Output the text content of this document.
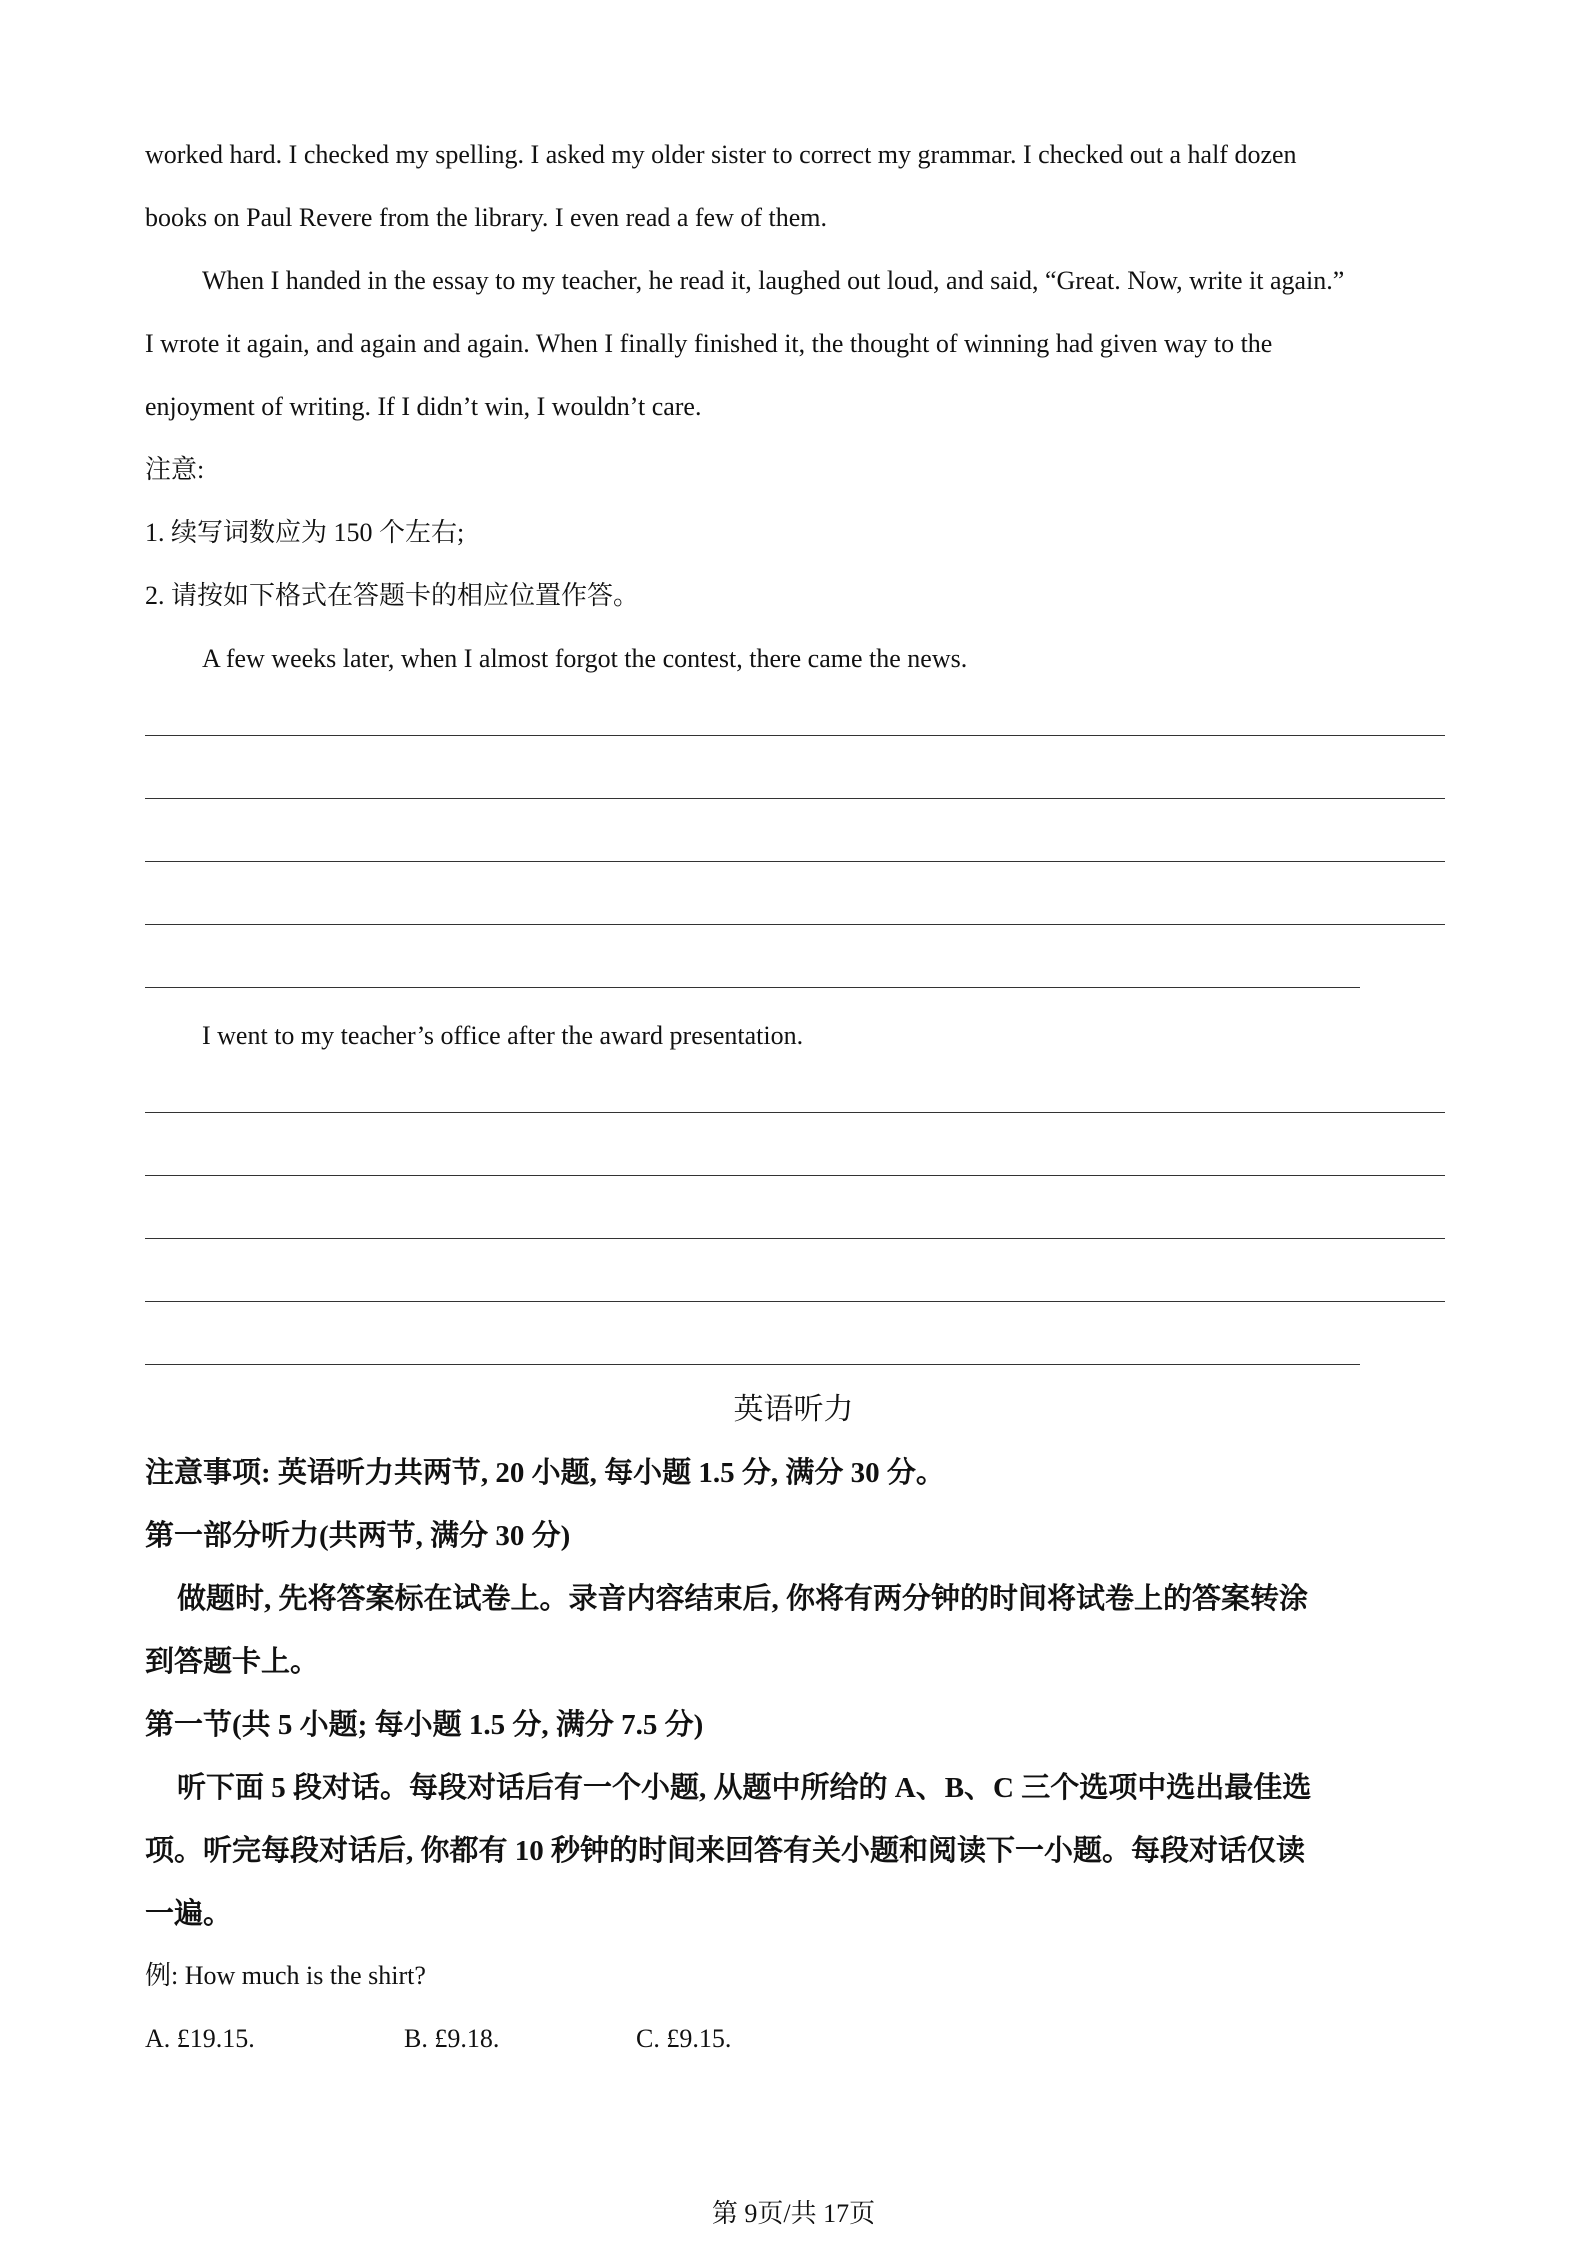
worked hard. I checked my spelling. I asked my older sister to correct my grammar. I checked out a half dozen
books on Paul Revere from the library. I even read a few of them.
When I handed in the essay to my teacher, he read it, laughed out loud, and said, “Great. Now, write it again.”
I wrote it again, and again and again. When I finally finished it, the thought of winning had given way to the
enjoyment of writing. If I didn’t win, I wouldn’t care.
注意:
1. 续写词数应为 150 个左右;
2. 请按如下格式在答题卡的相应位置作答。
A few weeks later, when I almost forgot the contest, there came the news.
I went to my teacher’s office after the award presentation.
英语听力
注意事项: 英语听力共两节, 20 小题, 每小题 1.5 分, 满分 30 分。
第一部分听力(共两节, 满分 30 分)
做题时, 先将答案标在试卷上。录音内容结束后, 你将有两分钟的时间将试卷上的答案转涂
到答题卡上。
第一节(共 5 小题; 每小题 1.5 分, 满分 7.5 分)
听下面 5 段对话。每段对话后有一个小题, 从题中所给的 A、B、C 三个选项中选出最佳选
项。听完每段对话后, 你都有 10 秒钟的时间来回答有关小题和阅读下一小题。每段对话仅读
一遍。
例: How much is the shirt?
A. £19.15.	B. £9.18.	C. £9.15.
第 9页/共 17页
